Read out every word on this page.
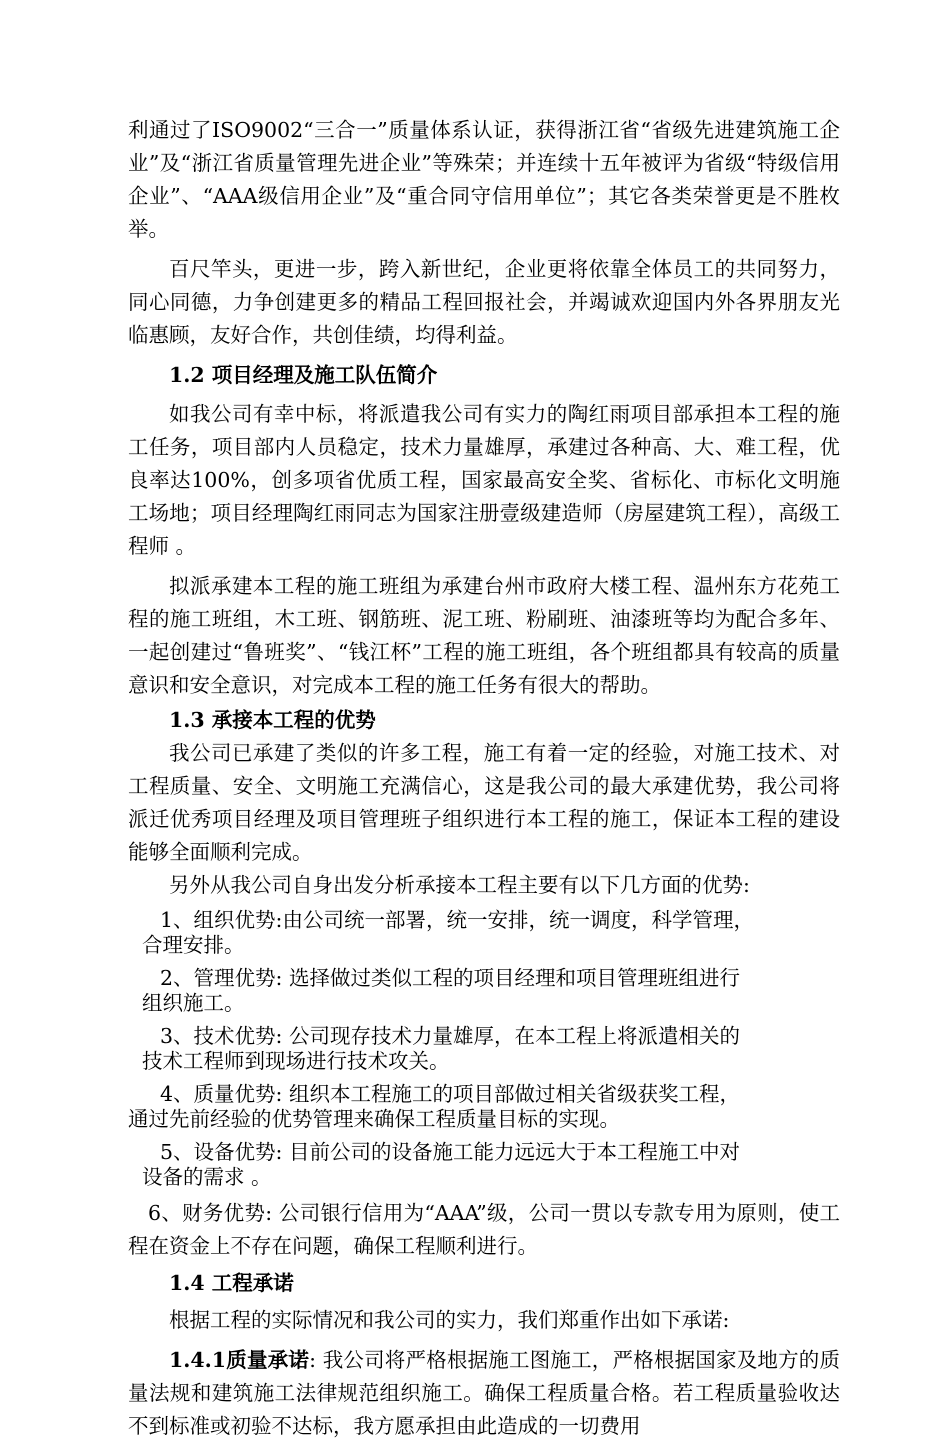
利通过了ISO9002“三合一”质量体系认证，获得浙江省“省级先进建筑施工企业”及“浙江省质量管理先进企业”等殊荣；并连续十五年被评为省级“特级信用企业”、“AAA级信用企业”及“重合同守信用单位”；其它各类荣誉更是不胜枚举。

百尺竿头，更进一步，跨入新世纪，企业更将依靠全体员工的共同努力，同心同德，力争创建更多的精品工程回报社会，并竭诚欢迎国内外各界朋友光临惠顾，友好合作，共创佳绩，均得利益。

1.2 项目经理及施工队伍简介

如我公司有幸中标，将派遣我公司有实力的陶红雨项目部承担本工程的施工任务，项目部内人员稳定，技术力量雄厚，承建过各种高、大、难工程，优良率达100%，创多项省优质工程，国家最高安全奖、省标化、市标化文明施工场地；项目经理陶红雨同志为国家注册壹级建造师（房屋建筑工程），高级工程师 。

拟派承建本工程的施工班组为承建台州市政府大楼工程、温州东方花苑工程的施工班组，木工班、钢筋班、泥工班、粉刷班、油漆班等均为配合多年、一起创建过“鲁班奖”、“钱江杯”工程的施工班组，各个班组都具有较高的质量意识和安全意识，对完成本工程的施工任务有很大的帮助。

1.3 承接本工程的优势

我公司已承建了类似的许多工程，施工有着一定的经验，对施工技术、对工程质量、安全、文明施工充满信心，这是我公司的最大承建优势，我公司将派迁优秀项目经理及项目管理班子组织进行本工程的施工，保证本工程的建设能够全面顺利完成。

另外从我公司自身出发分析承接本工程主要有以下几方面的优势:

1、组织优势:由公司统一部署，统一安排，统一调度，科学管理，
合理安排。
2、管理优势: 选择做过类似工程的项目经理和项目管理班组进行
组织施工。
3、技术优势: 公司现存技术力量雄厚，在本工程上将派遣相关的
技术工程师到现场进行技术攻关。
4、质量优势: 组织本工程施工的项目部做过相关省级获奖工程，
通过先前经验的优势管理来确保工程质量目标的实现。
5、设备优势: 目前公司的设备施工能力远远大于本工程施工中对
设备的需求 。

6、财务优势: 公司银行信用为“AAA”级，公司一贯以专款专用为原则，使工程在资金上不存在问题，确保工程顺利进行。

1.4 工程承诺

根据工程的实际情况和我公司的实力，我们郑重作出如下承诺:

1.4.1质量承诺: 我公司将严格根据施工图施工，严格根据国家及地方的质量法规和建筑施工法律规范组织施工。确保工程质量合格。若工程质量验收达不到标准或初验不达标，我方愿承担由此造成的一切费用
